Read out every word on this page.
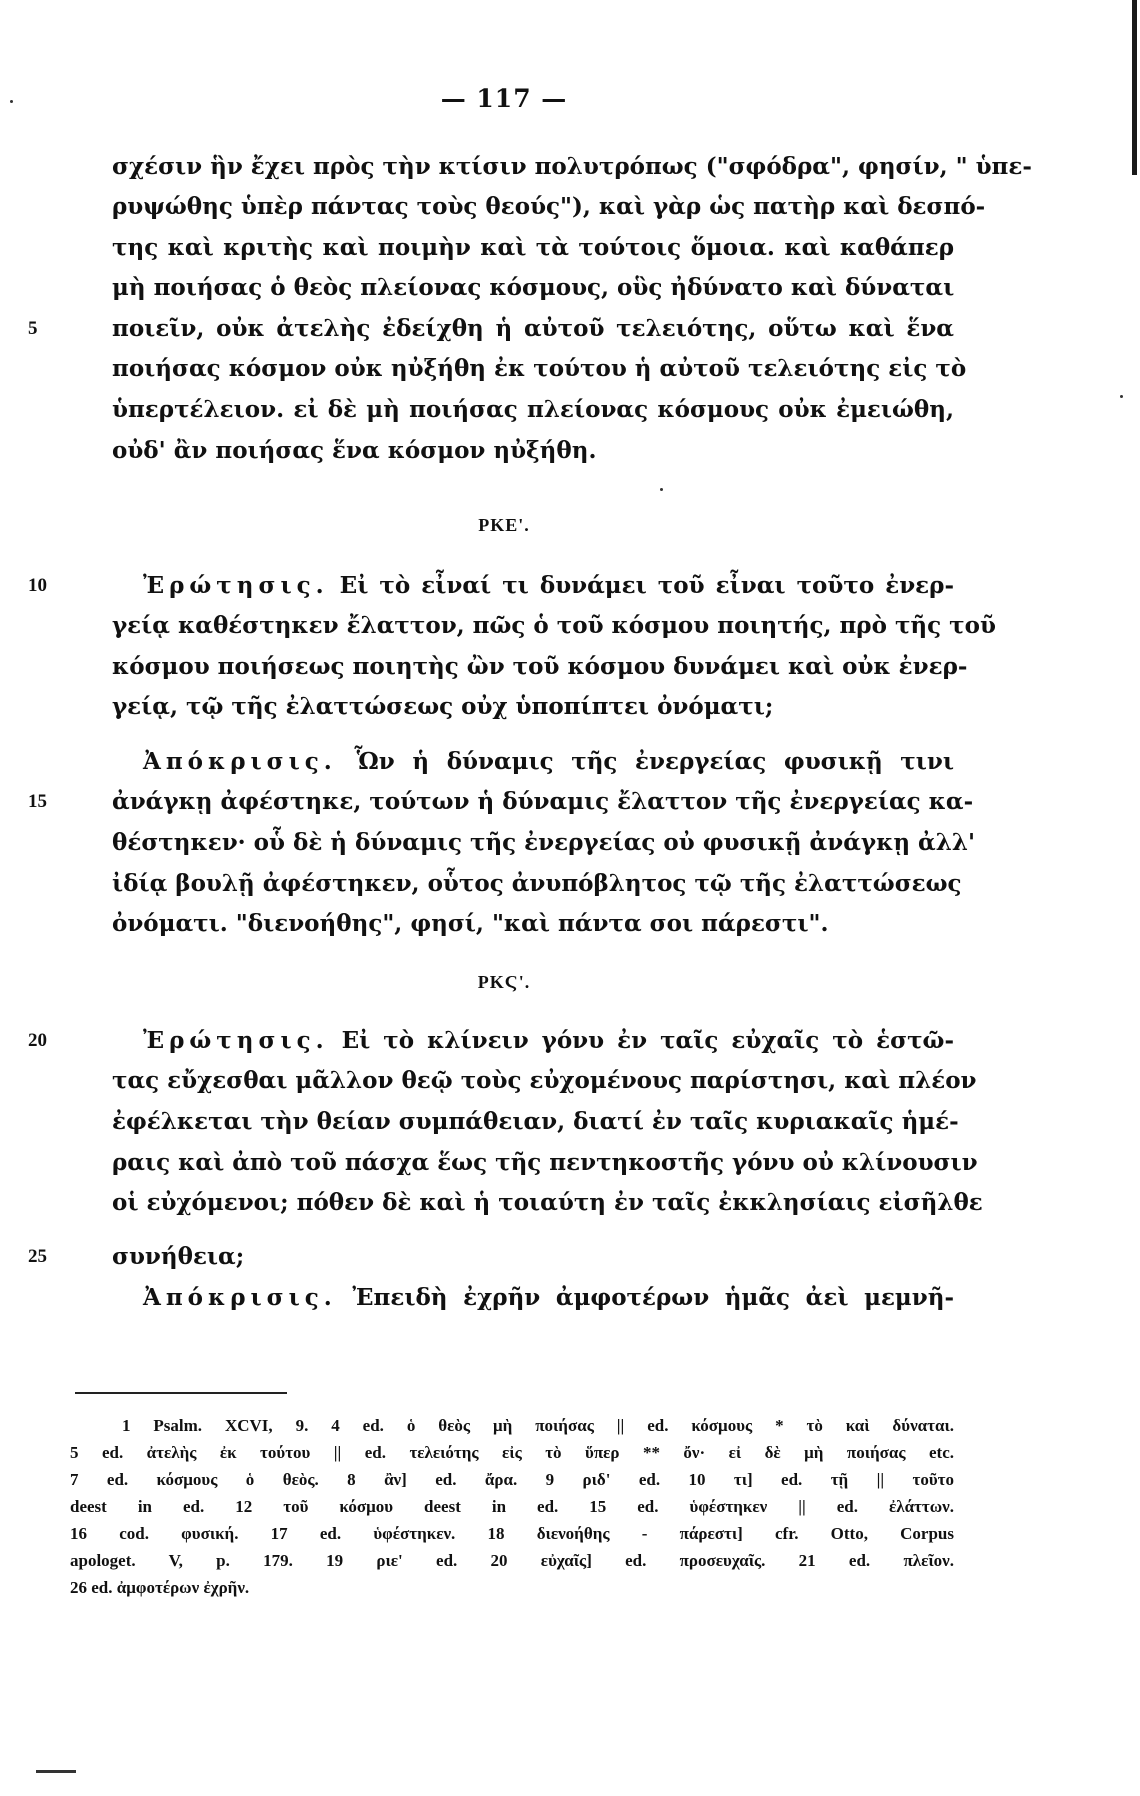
— 117 —
σχέσιν ἣν ἔχει πρὸς τὴν κτίσιν πολυτρόπως ("σφόδρα", φησίν, " ὑπε-
ρυψώθης ὑπὲρ πάντας τοὺς θεούς"), καὶ γὰρ ὡς πατὴρ καὶ δεσπό-
της καὶ κριτὴς καὶ ποιμὴν καὶ τὰ τούτοις ὅμοια. καὶ καθάπερ
μὴ ποιήσας ὁ θεὸς πλείονας κόσμους, οὓς ἠδύνατο καὶ δύναται
5	ποιεῖν, οὐκ ἀτελὴς ἐδείχθη ἡ αὐτοῦ τελειότης, οὕτω καὶ ἕνα
ποιήσας κόσμον οὐκ ηὐξήθη ἐκ τούτου ἡ αὐτοῦ τελειότης εἰς τὸ
ὑπερτέλειον. εἰ δὲ μὴ ποιήσας πλείονας κόσμους οὐκ ἐμειώθη,
οὐδ' ἂν ποιήσας ἕνα κόσμον ηὐξήθη.
ΡΚΕ'.
10	Ἐρώτησις. Εἰ τὸ εἶναί τι δυνάμει τοῦ εἶναι τοῦτο ἐνερ-
γείᾳ καθέστηκεν ἔλαττον, πῶς ὁ τοῦ κόσμου ποιητής, πρὸ τῆς τοῦ
κόσμου ποιήσεως ποιητὴς ὢν τοῦ κόσμου δυνάμει καὶ οὐκ ἐνερ-
γείᾳ, τῷ τῆς ἐλαττώσεως οὐχ ὑποπίπτει ὀνόματι;
Ἀπόκρισις. Ὧν ἡ δύναμις τῆς ἐνεργείας φυσικῇ τινι
15	ἀνάγκῃ ἀφέστηκε, τούτων ἡ δύναμις ἔλαττον τῆς ἐνεργείας κα-
θέστηκεν· οὗ δὲ ἡ δύναμις τῆς ἐνεργείας οὐ φυσικῇ ἀνάγκῃ ἀλλ'
ἰδίᾳ βουλῇ ἀφέστηκεν, οὗτος ἀνυπόβλητος τῷ τῆς ἐλαττώσεως
ὀνόματι. "διενοήθης", φησί, "καὶ πάντα σοι πάρεστι".
ΡΚϚ'.
20	Ἐρώτησις. Εἰ τὸ κλίνειν γόνυ ἐν ταῖς εὐχαῖς τὸ ἑστῶ-
τας εὔχεσθαι μᾶλλον θεῷ τοὺς εὐχομένους παρίστησι, καὶ πλέον
ἐφέλκεται τὴν θείαν συμπάθειαν, διατί ἐν ταῖς κυριακαῖς ἡμέ-
ραις καὶ ἀπὸ τοῦ πάσχα ἕως τῆς πεντηκοστῆς γόνυ οὐ κλίνουσιν
οἱ εὐχόμενοι; πόθεν δὲ καὶ ἡ τοιαύτη ἐν ταῖς ἐκκλησίαις εἰσῆλθε
25	συνήθεια;
Ἀπόκρισις. Ἐπειδὴ ἐχρῆν ἀμφοτέρων ἡμᾶς ἀεὶ μεμνῆ-
1 Psalm. XCVI, 9. 4 ed. ὁ θεὸς μὴ ποιήσας || ed. κόσμους * τὸ καὶ δύναται.
5 ed. ἀτελὴς ἐκ τούτου || ed. τελειότης εἰς τὸ ὕπερ ** ὄν· εἰ δὲ μὴ ποιήσας etc.
7 ed. κόσμους ὁ θεὸς. 8 ἂν] ed. ἄρα. 9 ριδ' ed. 10 τι] ed. τῇ || τοῦτο
deest in ed. 12 τοῦ κόσμου deest in ed. 15 ed. ὑφέστηκεν || ed. ἐλάττων.
16 cod. φυσική. 17 ed. ὑφέστηκεν. 18 διενοήθης - πάρεστι] cfr. Otto, Corpus
apologet. V, p. 179. 19 ριε' ed. 20 εὐχαῖς] ed. προσευχαῖς. 21 ed. πλεῖον.
26 ed. ἀμφοτέρων ἐχρῆν.
